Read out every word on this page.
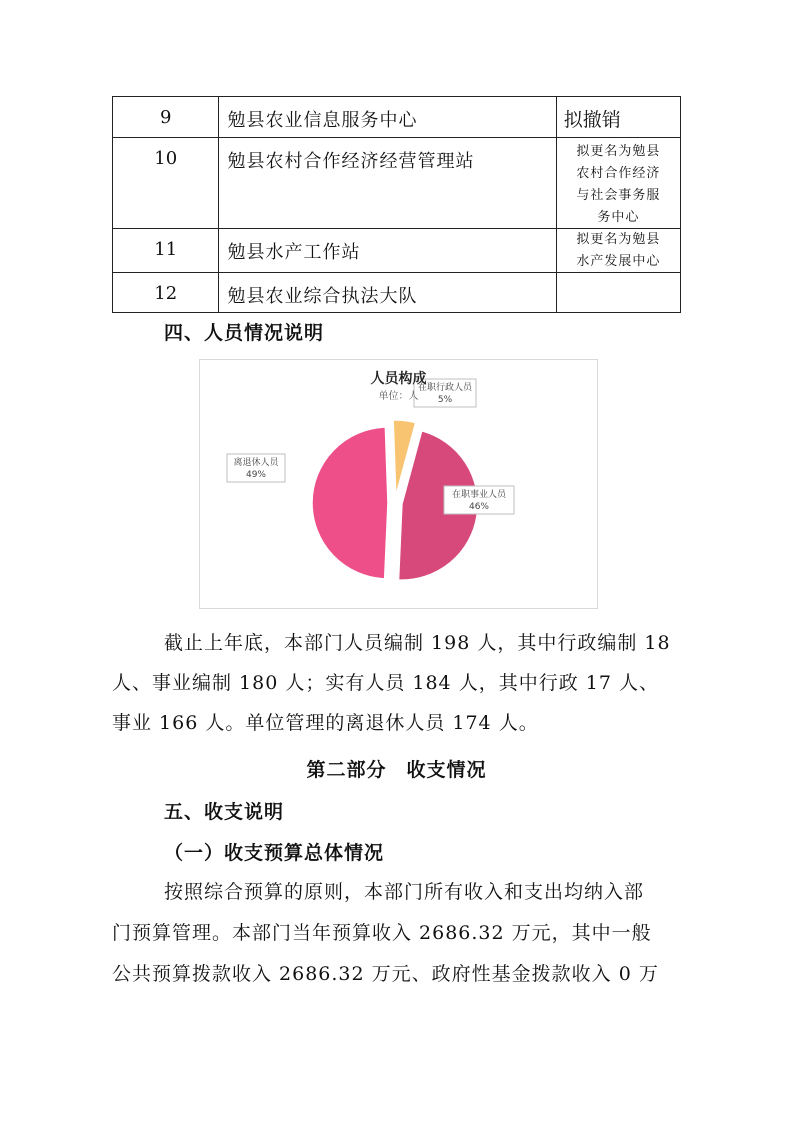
9	勉县农业信息服务中心	拟撤销

10	勉县农村合作经济经营管理站	拟更名为勉县
农村合作经济
与社会事务服
务中心

11	勉县水产工作站	拟更名为勉县
水产发展中心

12	勉县农业综合执法大队	

四、人员情况说明
在职行政人员
5%
在职事业人员
46%
离退休人员
49%
人员构成
单位：人
截止上年底，本部门人员编制 198 人，其中行政编制 18
人、事业编制 180 人；实有人员 184 人，其中行政 17 人、
事业 166 人。单位管理的离退休人员 174 人。
第二部分　收支情况
五、收支说明
（一）收支预算总体情况
按照综合预算的原则，本部门所有收入和支出均纳入部
门预算管理。本部门当年预算收入 2686.32 万元，其中一般
公共预算拨款收入 2686.32 万元、政府性基金拨款收入 0 万
